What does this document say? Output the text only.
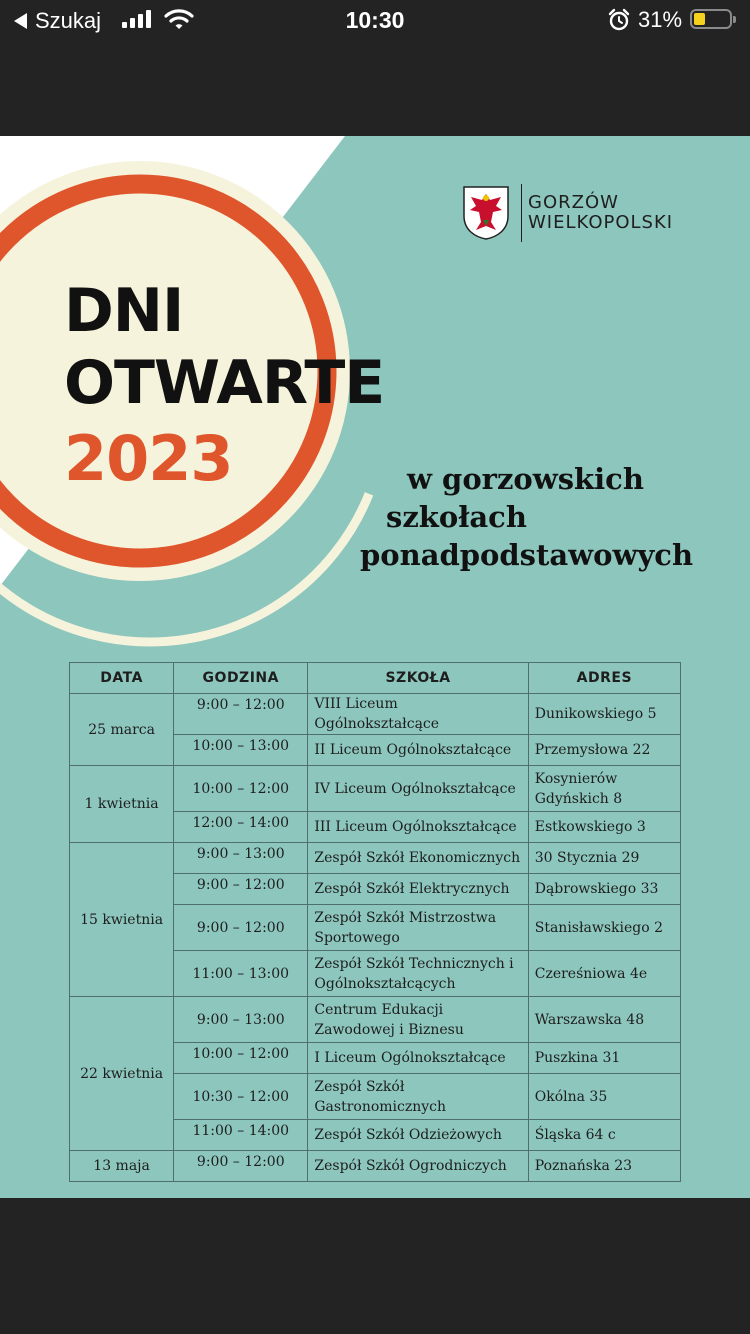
Szukaj	10:30	31%
GORZÓW
WIELKOPOLSKI
DNI
OTWARTE
2023	w gorzowskich
szkołach
ponadpodstawowych
DATA	GODZINA	SZKOŁA	ADRES
25 marca	9:00 – 12:00	VIII Liceum Ogólnokształcące	Dunikowskiego 5
	10:00 – 13:00	II Liceum Ogólnokształcące	Przemysłowa 22
1 kwietnia	10:00 – 12:00	IV Liceum Ogólnokształcące	Kosynierów Gdyńskich 8
	12:00 – 14:00	III Liceum Ogólnokształcące	Estkowskiego 3
15 kwietnia	9:00 – 13:00	Zespół Szkół Ekonomicznych	30 Stycznia 29
	9:00 – 12:00	Zespół Szkół Elektrycznych	Dąbrowskiego 33
	9:00 – 12:00	Zespół Szkół Mistrzostwa Sportowego	Stanisławskiego 2
	11:00 – 13:00	Zespół Szkół Technicznych i Ogólnokształcących	Czereśniowa 4e
22 kwietnia	9:00 – 13:00	Centrum Edukacji Zawodowej i Biznesu	Warszawska 48
	10:00 – 12:00	I Liceum Ogólnokształcące	Puszkina 31
	10:30 – 12:00	Zespół Szkół Gastronomicznych	Okólna 35
	11:00 – 14:00	Zespół Szkół Odzieżowych	Śląska 64 c
13 maja	9:00 – 12:00	Zespół Szkół Ogrodniczych	Poznańska 23
